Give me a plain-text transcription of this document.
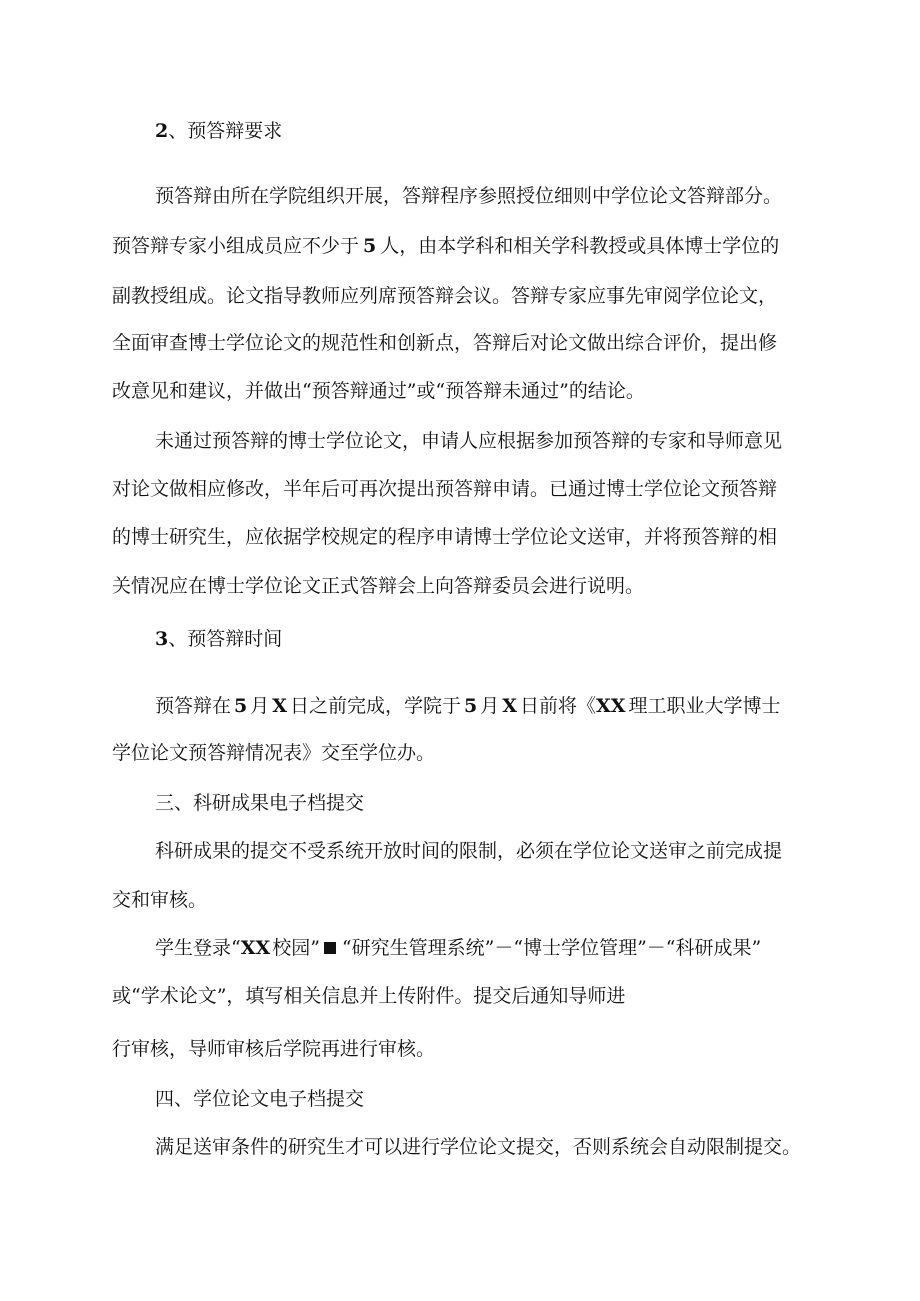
2、预答辩要求
预答辩由所在学院组织开展，答辩程序参照授位细则中学位论文答辩部分。
预答辩专家小组成员应不少于 5 人，由本学科和相关学科教授或具体博士学位的
副教授组成。论文指导教师应列席预答辩会议。答辩专家应事先审阅学位论文，
全面审查博士学位论文的规范性和创新点，答辩后对论文做出综合评价，提出修
改意见和建议，并做出“预答辩通过”或“预答辩未通过”的结论。
未通过预答辩的博士学位论文，申请人应根据参加预答辩的专家和导师意见
对论文做相应修改，半年后可再次提出预答辩申请。已通过博士学位论文预答辩
的博士研究生，应依据学校规定的程序申请博士学位论文送审，并将预答辩的相
关情况应在博士学位论文正式答辩会上向答辩委员会进行说明。
3、预答辩时间
预答辩在 5 月 X 日之前完成，学院于 5 月 X 日前将《XX 理工职业大学博士
学位论文预答辩情况表》交至学位办。
三、科研成果电子档提交
科研成果的提交不受系统开放时间的限制，必须在学位论文送审之前完成提
交和审核。
学生登录“XX 校园” “研究生管理系统”－“博士学位管理”－“科研成果”
或“学术论文”，填写相关信息并上传附件。提交后通知导师进
行审核，导师审核后学院再进行审核。
四、学位论文电子档提交
满足送审条件的研究生才可以进行学位论文提交，否则系统会自动限制提交。
